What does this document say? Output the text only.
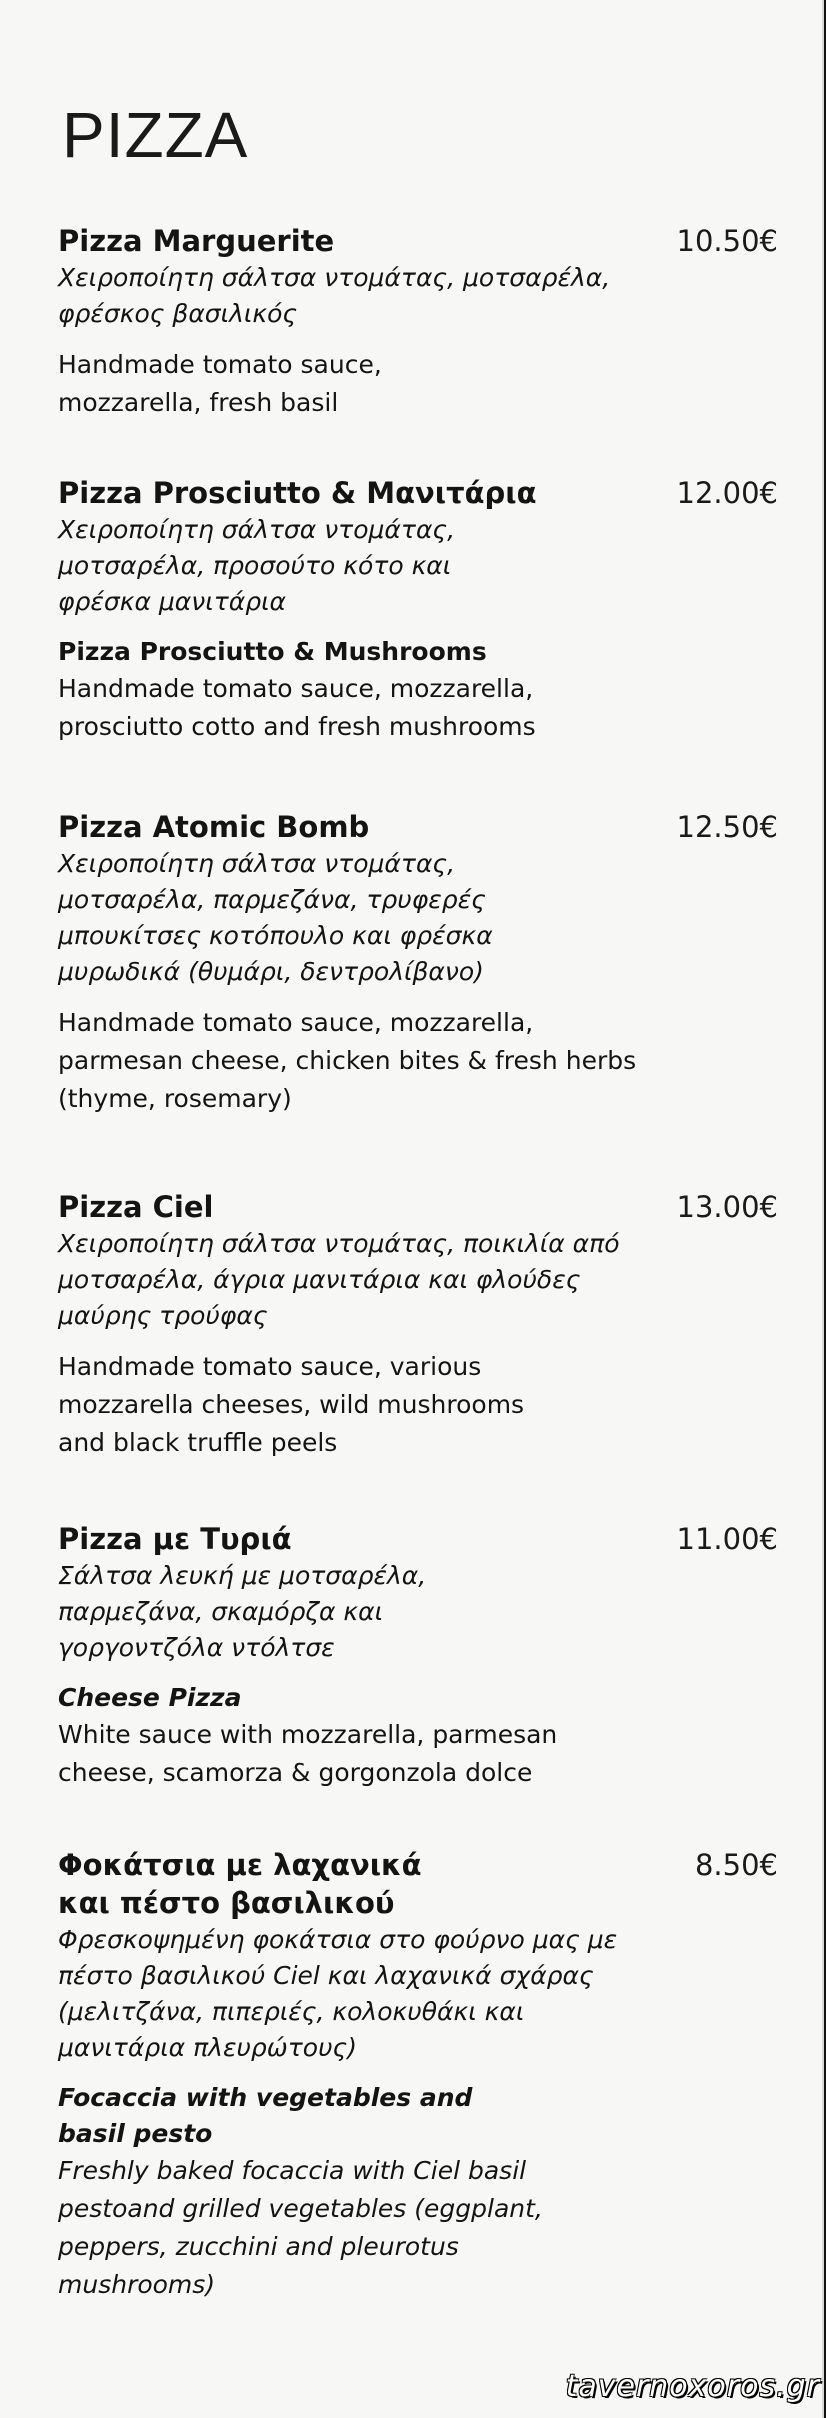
PIZZA
Pizza Marguerite	10.50€
Χειροποίητη σάλτσα ντομάτας, μοτσαρέλα, φρέσκος βασιλικός
Handmade tomato sauce, mozzarella, fresh basil
Pizza Prosciutto & Μανιτάρια	12.00€
Χειροποίητη σάλτσα ντομάτας, μοτσαρέλα, προσούτο κότο και φρέσκα μανιτάρια
Pizza Prosciutto & Mushrooms
Handmade tomato sauce, mozzarella, prosciutto cotto and fresh mushrooms
Pizza Atomic Bomb	12.50€
Χειροποίητη σάλτσα ντομάτας, μοτσαρέλα, παρμεζάνα, τρυφερές μπουκίτσες κοτόπουλο και φρέσκα μυρωδικά (θυμάρι, δεντρολίβανο)
Handmade tomato sauce, mozzarella, parmesan cheese, chicken bites & fresh herbs (thyme, rosemary)
Pizza Ciel	13.00€
Χειροποίητη σάλτσα ντομάτας, ποικιλία από μοτσαρέλα, άγρια μανιτάρια και φλούδες μαύρης τρούφας
Handmade tomato sauce, various mozzarella cheeses, wild mushrooms and black truffle peels
Pizza με Τυριά	11.00€
Σάλτσα λευκή με μοτσαρέλα, παρμεζάνα, σκαμόρζα και γοργοντζόλα ντόλτσε
Cheese Pizza
White sauce with mozzarella, parmesan cheese, scamorza & gorgonzola dolce
Φοκάτσια με λαχανικά και πέστο βασιλικού
8.50€
Φρεσκοψημένη φοκάτσια στο φούρνο μας με πέστο βασιλικού Ciel και λαχανικά σχάρας (μελιτζάνα, πιπεριές, κολοκυθάκι και μανιτάρια πλευρώτους)
Focaccia with vegetables and basil pesto
Freshly baked focaccia with Ciel basil pestoand grilled vegetables (eggplant, peppers, zucchini and pleurotus mushrooms)
tavernoxoros.gr
